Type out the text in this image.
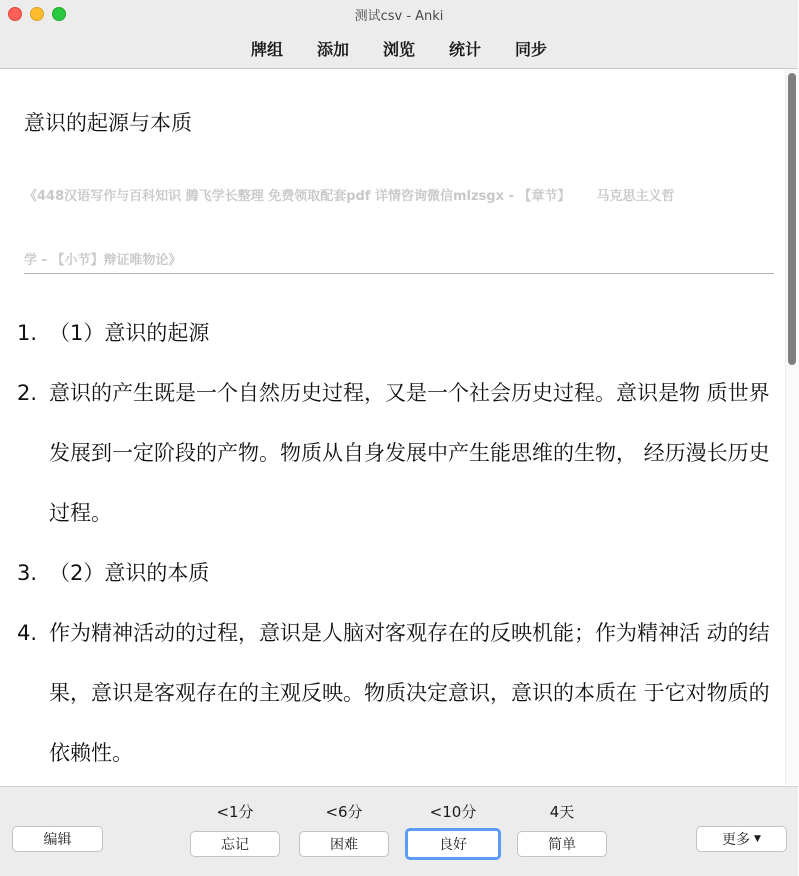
测试csv - Anki
牌组 添加 浏览 统计 同步
意识的起源与本质
《448汉语写作与百科知识 腾飞学长整理 免费领取配套pdf 详情咨询微信mlzsgx - 【章节】 马克思主义哲
学 - 【小节】辩证唯物论》
1. （1）意识的起源
2. 意识的产生既是一个自然历史过程，又是一个社会历史过程。意识是物 质世界发展到一定阶段的产物。物质从自身发展中产生能思维的生物， 经历漫长历史过程。
3. （2）意识的本质
4. 作为精神活动的过程，意识是人脑对客观存在的反映机能；作为精神活 动的结果，意识是客观存在的主观反映。物质决定意识，意识的本质在 于它对物质的依赖性。
编辑
<1分
忘记
<6分
困难
<10分
良好
4天
简单	更多 ▼
